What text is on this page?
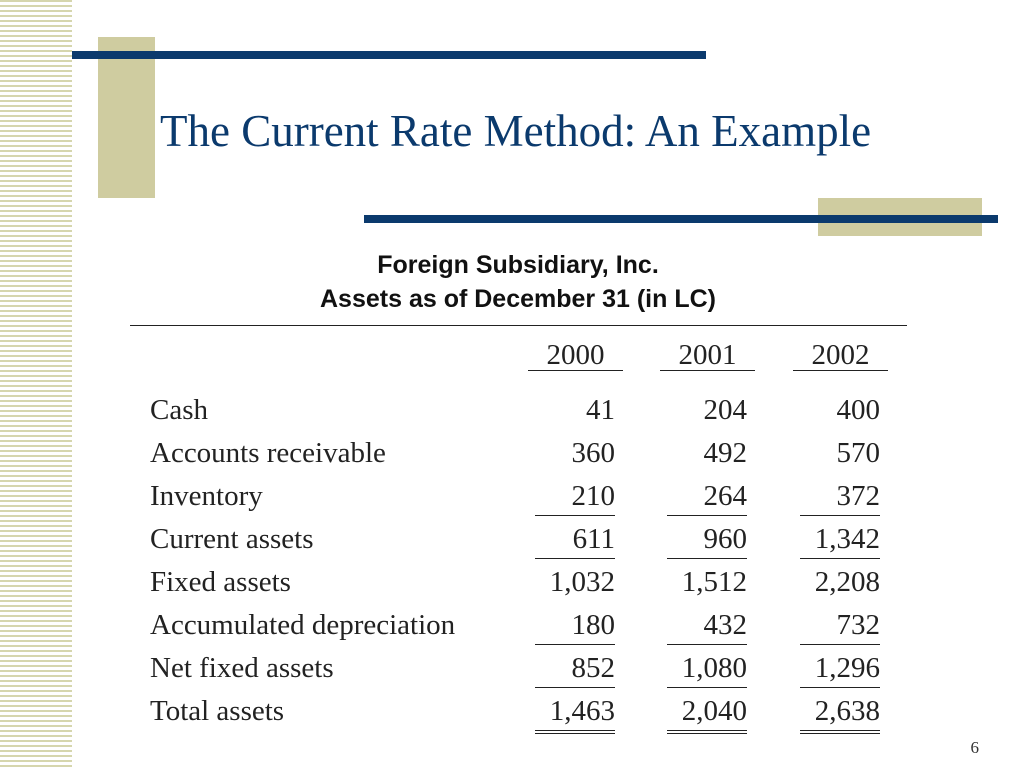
The Current Rate Method: An Example
Foreign Subsidiary, Inc.
Assets as of December 31 (in LC)
2000	2001	2002
Cash	41	204	400
Accounts receivable	360	492	570
Inventory	210	264	372
Current assets	611	960	1,342
Fixed assets	1,032	1,512	2,208
Accumulated depreciation	180	432	732
Net fixed assets	852	1,080	1,296
Total assets	1,463	2,040	2,638
6
